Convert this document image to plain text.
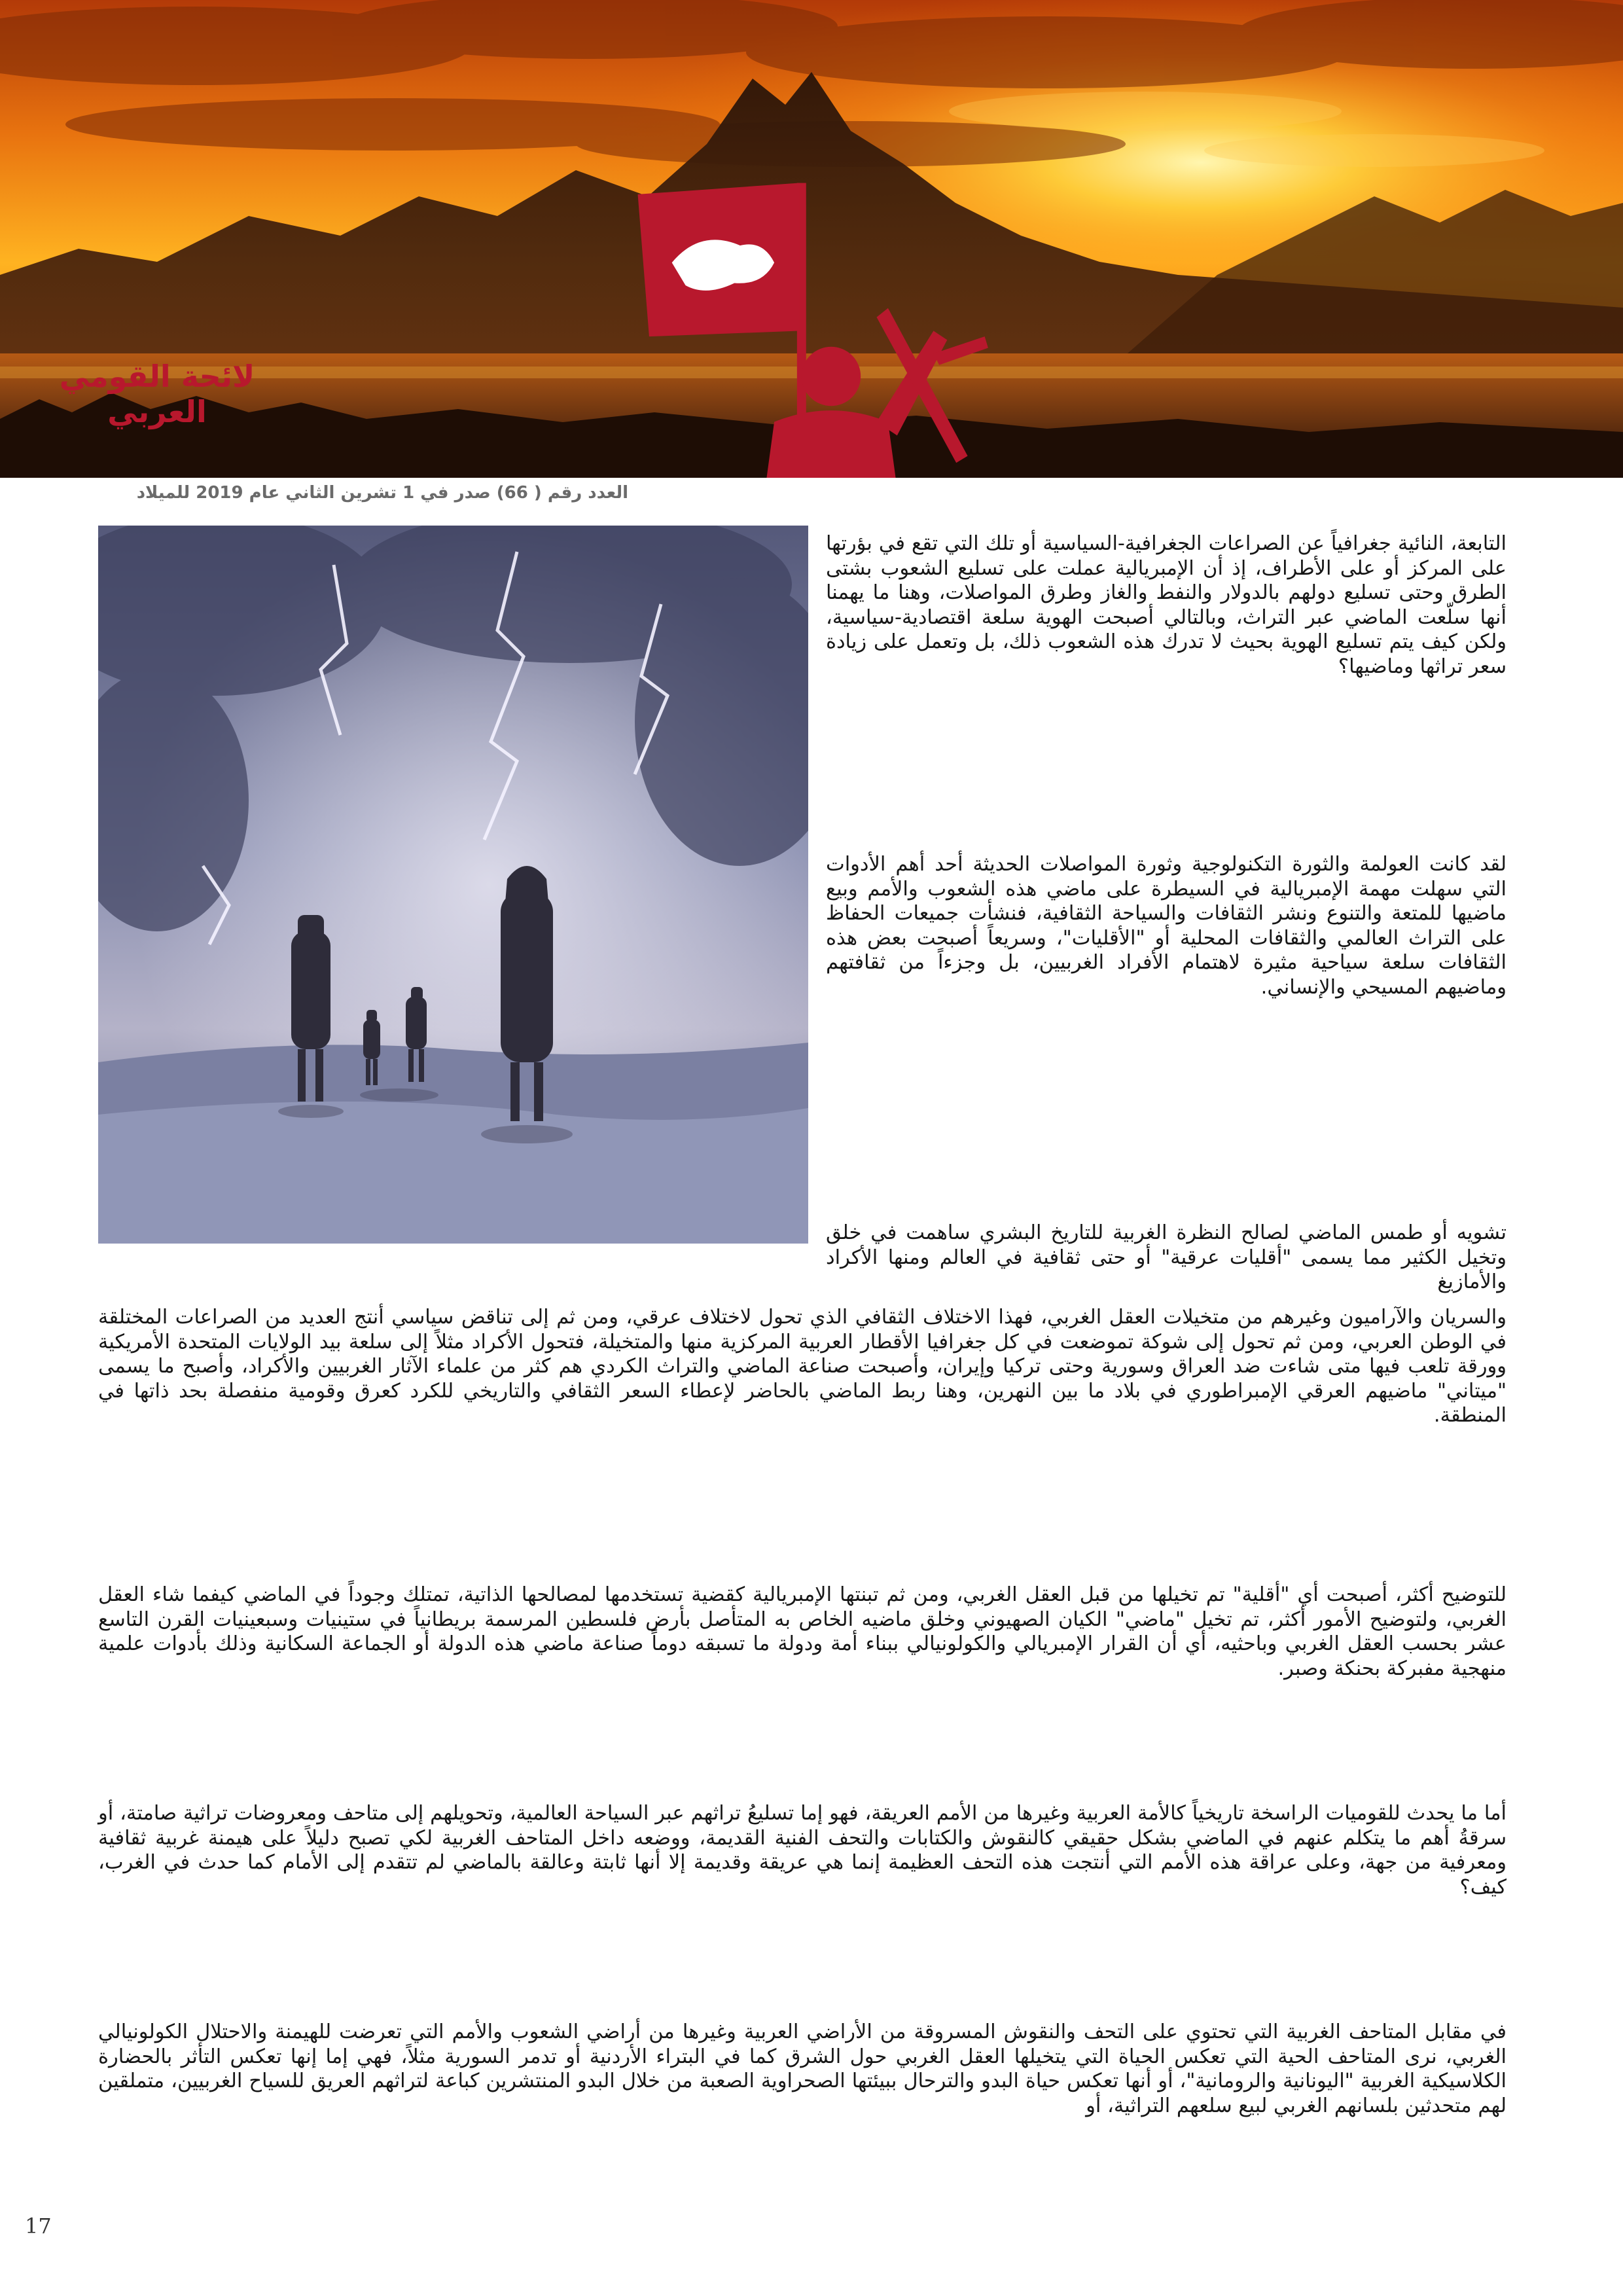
لائحة القومي العربي
العدد رقم ( 66) صدر في 1 تشرين الثاني عام 2019 للميلاد

التابعة، النائية جغرافياً عن الصراعات الجغرافية-السياسية أو تلك التي تقع في بؤرتها على المركز أو على الأطراف، إذ أن الإمبريالية عملت على تسليع الشعوب بشتى الطرق وحتى تسليع دولهم بالدولار والنفط والغاز وطرق المواصلات، وهنا ما يهمنا أنها سلّعت الماضي عبر التراث، وبالتالي أصبحت الهوية سلعة اقتصادية-سياسية، ولكن كيف يتم تسليع الهوية بحيث لا تدرك هذه الشعوب ذلك، بل وتعمل على زيادة سعر تراثها وماضيها؟

لقد كانت العولمة والثورة التكنولوجية وثورة المواصلات الحديثة أحد أهم الأدوات التي سهلت مهمة الإمبريالية في السيطرة على ماضي هذه الشعوب والأمم وبيع ماضيها للمتعة والتنوع ونشر الثقافات والسياحة الثقافية، فنشأت جميعات الحفاظ على التراث العالمي والثقافات المحلية أو "الأقليات"، وسريعاً أصبحت بعض هذه الثقافات سلعة سياحية مثيرة لاهتمام الأفراد الغربيين، بل وجزءاً من ثقافتهم وماضيهم المسيحي والإنساني.

تشويه أو طمس الماضي لصالح النظرة الغربية للتاريخ البشري ساهمت في خلق وتخيل الكثير مما يسمى "أقليات عرقية" أو حتى ثقافية في العالم ومنها الأكراد والأمازيغ

والسريان والآراميون وغيرهم من متخيلات العقل الغربي، فهذا الاختلاف الثقافي الذي تحول لاختلاف عرقي، ومن ثم إلى تناقض سياسي أنتج العديد من الصراعات المختلقة في الوطن العربي، ومن ثم تحول إلى شوكة تموضعت في كل جغرافيا الأقطار العربية المركزية منها والمتخيلة، فتحول الأكراد مثلاً إلى سلعة بيد الولايات المتحدة الأمريكية وورقة تلعب فيها متى شاءت ضد العراق وسورية وحتى تركيا وإيران، وأصبحت صناعة الماضي والتراث الكردي هم كثر من علماء الآثار الغربيين والأكراد، وأصبح ما يسمى "ميتاني" ماضيهم العرقي الإمبراطوري في بلاد ما بين النهرين، وهنا ربط الماضي بالحاضر لإعطاء السعر الثقافي والتاريخي للكرد كعرق وقومية منفصلة بحد ذاتها في المنطقة.

للتوضيح أكثر، أصبحت أي "أقلية" تم تخيلها من قبل العقل الغربي، ومن ثم تبنتها الإمبريالية كقضية تستخدمها لمصالحها الذاتية، تمتلك وجوداً في الماضي كيفما شاء العقل الغربي، ولتوضيح الأمور أكثر، تم تخيل "ماضي" الكيان الصهيوني وخلق ماضيه الخاص به المتأصل بأرض فلسطين المرسمة بريطانياً في ستينيات وسبعينيات القرن التاسع عشر بحسب العقل الغربي وباحثيه، أي أن القرار الإمبريالي والكولونيالي ببناء أمة ودولة ما تسبقه دوماً صناعة ماضي هذه الدولة أو الجماعة السكانية وذلك بأدوات علمية منهجية مفبركة بحنكة وصبر.

أما ما يحدث للقوميات الراسخة تاريخياً كالأمة العربية وغيرها من الأمم العريقة، فهو إما تسليعُ تراثهم عبر السياحة العالمية، وتحويلهم إلى متاحف ومعروضات تراثية صامتة، أو سرقةُ أهم ما يتكلم عنهم في الماضي بشكل حقيقي كالنقوش والكتابات والتحف الفنية القديمة، ووضعه داخل المتاحف الغربية لكي تصبح دليلاً على هيمنة غربية ثقافية ومعرفية من جهة، وعلى عراقة هذه الأمم التي أنتجت هذه التحف العظيمة إنما هي عريقة وقديمة إلا أنها ثابتة وعالقة بالماضي لم تتقدم إلى الأمام كما حدث في الغرب، كيف؟

في مقابل المتاحف الغربية التي تحتوي على التحف والنقوش المسروقة من الأراضي العربية وغيرها من أراضي الشعوب والأمم التي تعرضت للهيمنة والاحتلال الكولونيالي الغربي، نرى المتاحف الحية التي تعكس الحياة التي يتخيلها العقل الغربي حول الشرق كما في البتراء الأردنية أو تدمر السورية مثلاً، فهي إما إنها تعكس التأثر بالحضارة الكلاسيكية الغربية "اليونانية والرومانية"، أو أنها تعكس حياة البدو والترحال ببيئتها الصحراوية الصعبة من خلال البدو المنتشرين كباعة لتراثهم العريق للسياح الغربيين، متملقين لهم متحدثين بلسانهم الغربي لبيع سلعهم التراثية، أو

17
